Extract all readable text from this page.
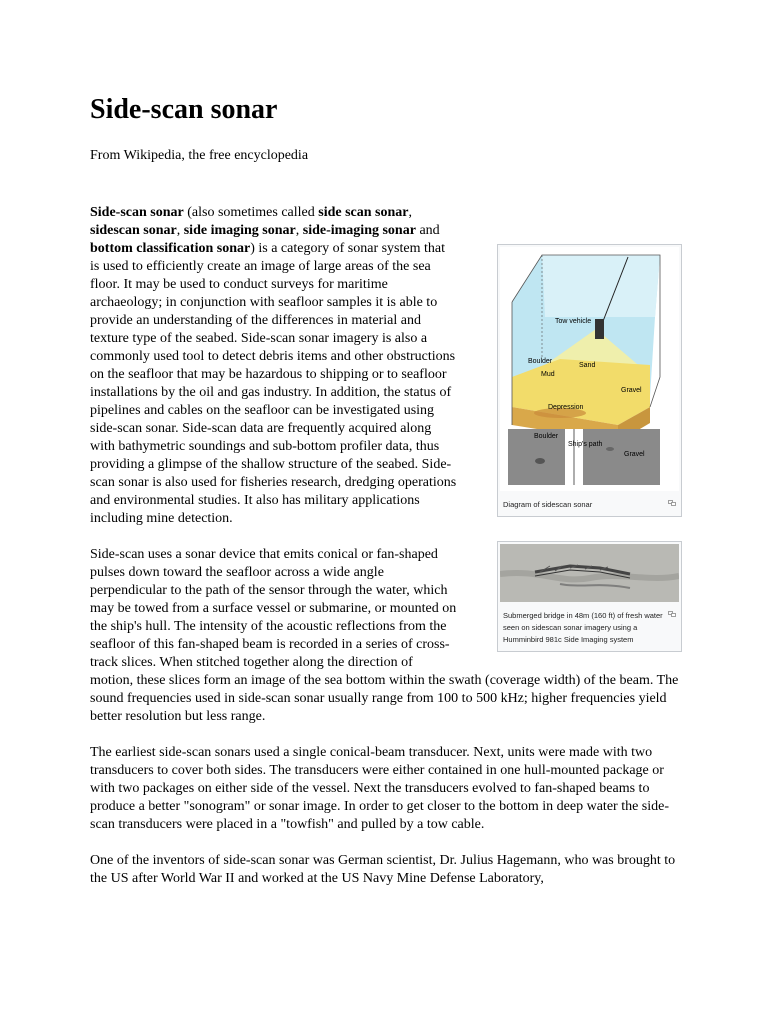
Side-scan sonar

From Wikipedia, the free encyclopedia

Tow vehicle
Boulder
Sand
Mud
Gravel
Depression
Boulder
Ship's path
Gravel
Diagram of sidescan sonar
Submerged bridge in 48m (160 ft) of fresh water seen on sidescan sonar imagery using a Humminbird 981c Side Imaging system

Side-scan sonar (also sometimes called side scan sonar, sidescan sonar, side imaging sonar, side-imaging sonar and bottom classification sonar) is a category of sonar system that is used to efficiently create an image of large areas of the sea floor. It may be used to conduct surveys for maritime archaeology; in conjunction with seafloor samples it is able to provide an understanding of the differences in material and texture type of the seabed. Side-scan sonar imagery is also a commonly used tool to detect debris items and other obstructions on the seafloor that may be hazardous to shipping or to seafloor installations by the oil and gas industry. In addition, the status of pipelines and cables on the seafloor can be investigated using side-scan sonar. Side-scan data are frequently acquired along with bathymetric soundings and sub-bottom profiler data, thus providing a glimpse of the shallow structure of the seabed. Side-scan sonar is also used for fisheries research, dredging operations and environmental studies. It also has military applications including mine detection.

Side-scan uses a sonar device that emits conical or fan-shaped pulses down toward the seafloor across a wide angle perpendicular to the path of the sensor through the water, which may be towed from a surface vessel or submarine, or mounted on the ship's hull. The intensity of the acoustic reflections from the seafloor of this fan-shaped beam is recorded in a series of cross-track slices. When stitched together along the direction of motion, these slices form an image of the sea bottom within the swath (coverage width) of the beam. The sound frequencies used in side-scan sonar usually range from 100 to 500 kHz; higher frequencies yield better resolution but less range.

The earliest side-scan sonars used a single conical-beam transducer. Next, units were made with two transducers to cover both sides. The transducers were either contained in one hull-mounted package or with two packages on either side of the vessel. Next the transducers evolved to fan-shaped beams to produce a better "sonogram" or sonar image. In order to get closer to the bottom in deep water the side-scan transducers were placed in a "towfish" and pulled by a tow cable.

One of the inventors of side-scan sonar was German scientist, Dr. Julius Hagemann, who was brought to the US after World War II and worked at the US Navy Mine Defense Laboratory,
